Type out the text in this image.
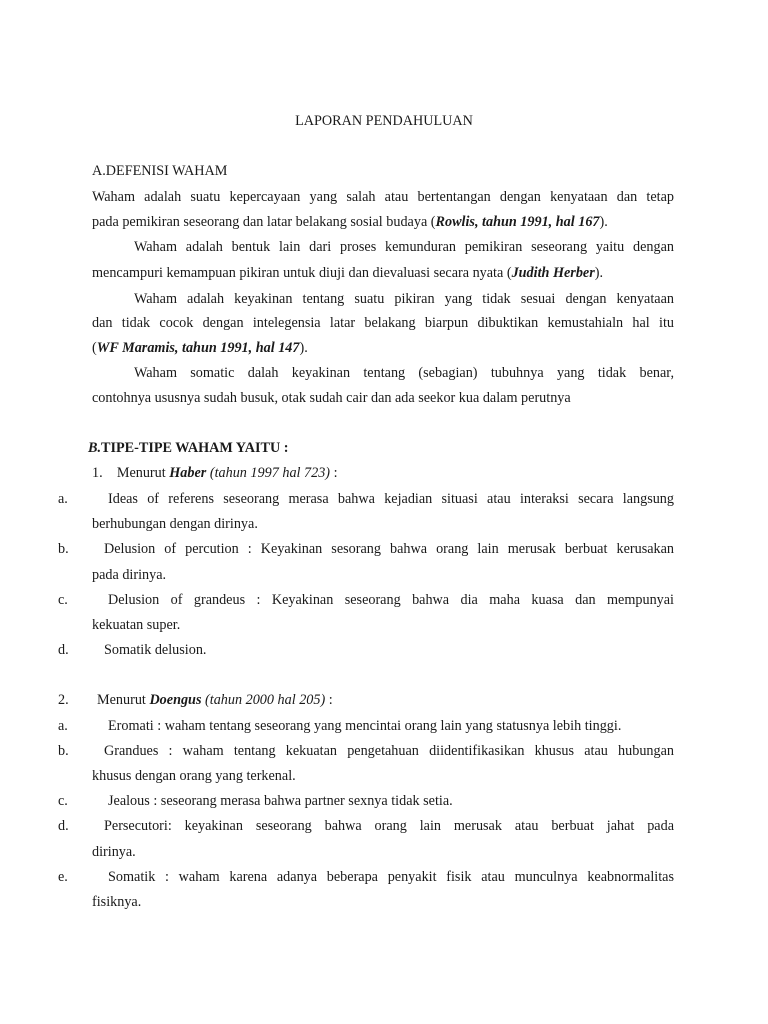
LAPORAN PENDAHULUAN
A.DEFENISI WAHAM
Waham adalah suatu kepercayaan yang salah atau bertentangan dengan kenyataan dan tetap
pada pemikiran seseorang dan latar belakang sosial budaya (Rowlis, tahun 1991, hal 167).
Waham adalah bentuk lain dari proses kemunduran pemikiran seseorang yaitu dengan
mencampuri kemampuan pikiran untuk diuji dan dievaluasi secara nyata (Judith Herber).
Waham adalah keyakinan tentang suatu pikiran yang tidak sesuai dengan kenyataan
dan tidak cocok dengan intelegensia latar belakang biarpun dibuktikan kemustahialn hal itu
(WF Maramis, tahun 1991, hal 147).
Waham somatic dalah keyakinan tentang (sebagian) tubuhnya yang tidak benar,
contohnya ususnya sudah busuk, otak sudah cair dan ada seekor kua dalam perutnya
B.TIPE-TIPE WAHAM YAITU :
1. Menurut Haber (tahun 1997 hal 723) :
a.	Ideas of referens seseorang merasa bahwa kejadian situasi atau interaksi secara langsung
berhubungan dengan dirinya.
b. Delusion of percution : Keyakinan sesorang bahwa orang lain merusak berbuat kerusakan
pada dirinya.
c.	Delusion of grandeus : Keyakinan seseorang bahwa dia maha kuasa dan mempunyai
kekuatan super.
d. Somatik delusion.
2. Menurut Doengus (tahun 2000 hal 205) :
a.	Eromati : waham tentang seseorang yang mencintai orang lain yang statusnya lebih tinggi.
b. Grandues : waham tentang kekuatan pengetahuan diidentifikasikan khusus atau hubungan
khusus dengan orang yang terkenal.
c.	Jealous : seseorang merasa bahwa partner sexnya tidak setia.
d. Persecutori: keyakinan seseorang bahwa orang lain merusak atau berbuat jahat pada
dirinya.
e.	Somatik : waham karena adanya beberapa penyakit fisik atau munculnya keabnormalitas
fisiknya.
